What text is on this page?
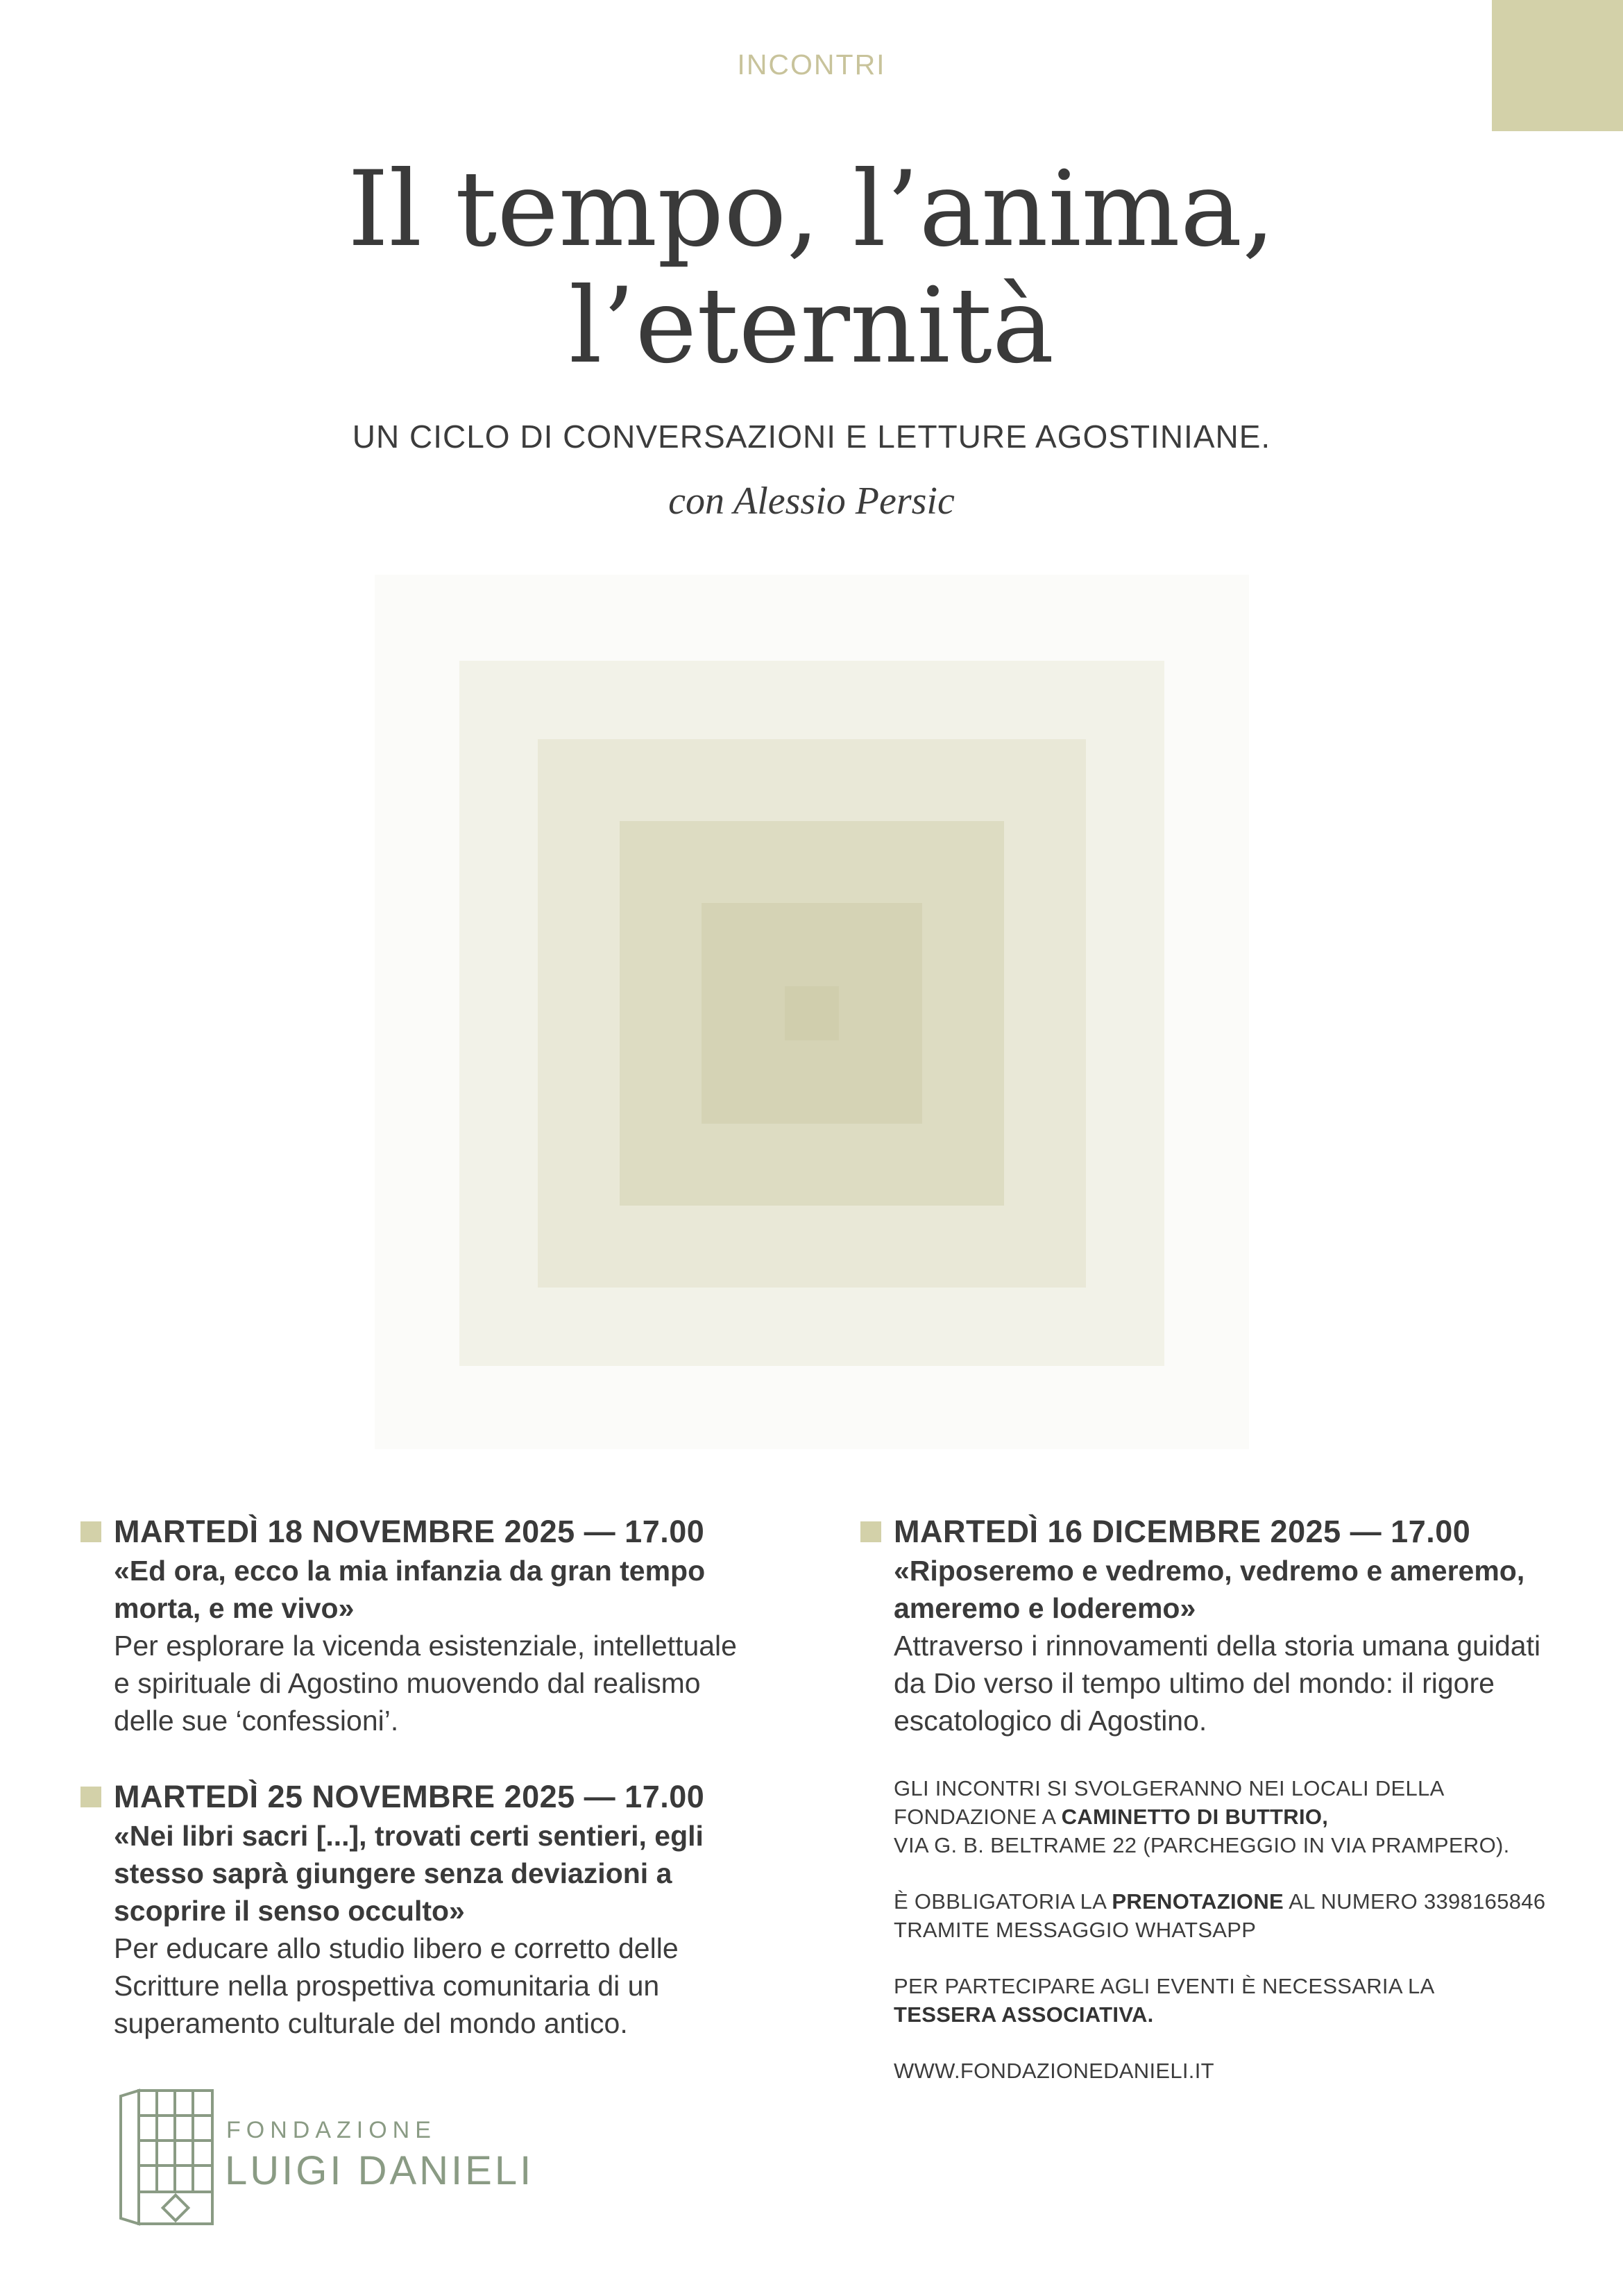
INCONTRI
Il tempo, l’anima,
l’eternità
UN CICLO DI CONVERSAZIONI E LETTURE AGOSTINIANE.
con Alessio Persic
MARTEDÌ 18 NOVEMBRE 2025 — 17.00
«Ed ora, ecco la mia infanzia da gran tempo morta, e me vivo»
Per esplorare la vicenda esistenziale, intellettuale e spirituale di Agostino muovendo dal realismo delle sue ‘confessioni’.
MARTEDÌ 25 NOVEMBRE 2025 — 17.00
«Nei libri sacri [...], trovati certi sentieri, egli stesso saprà giungere senza deviazioni a scoprire il senso occulto»
Per educare allo studio libero e corretto delle Scritture nella prospettiva comunitaria di un superamento culturale del mondo antico.
MARTEDÌ 16 DICEMBRE 2025 — 17.00
«Riposeremo e vedremo, vedremo e ameremo, ameremo e loderemo»
Attraverso i rinnovamenti della storia umana guidati da Dio verso il tempo ultimo del mondo: il rigore escatologico di Agostino.

GLI INCONTRI SI SVOLGERANNO NEI LOCALI DELLA FONDAZIONE A CAMINETTO DI BUTTRIO,
VIA G. B. BELTRAME 22 (PARCHEGGIO IN VIA PRAMPERO).

È OBBLIGATORIA LA PRENOTAZIONE AL NUMERO 3398165846 TRAMITE MESSAGGIO WHATSAPP

PER PARTECIPARE AGLI EVENTI È NECESSARIA LA
TESSERA ASSOCIATIVA.

WWW.FONDAZIONEDANIELI.IT

FONDAZIONE
LUIGI DANIELI
